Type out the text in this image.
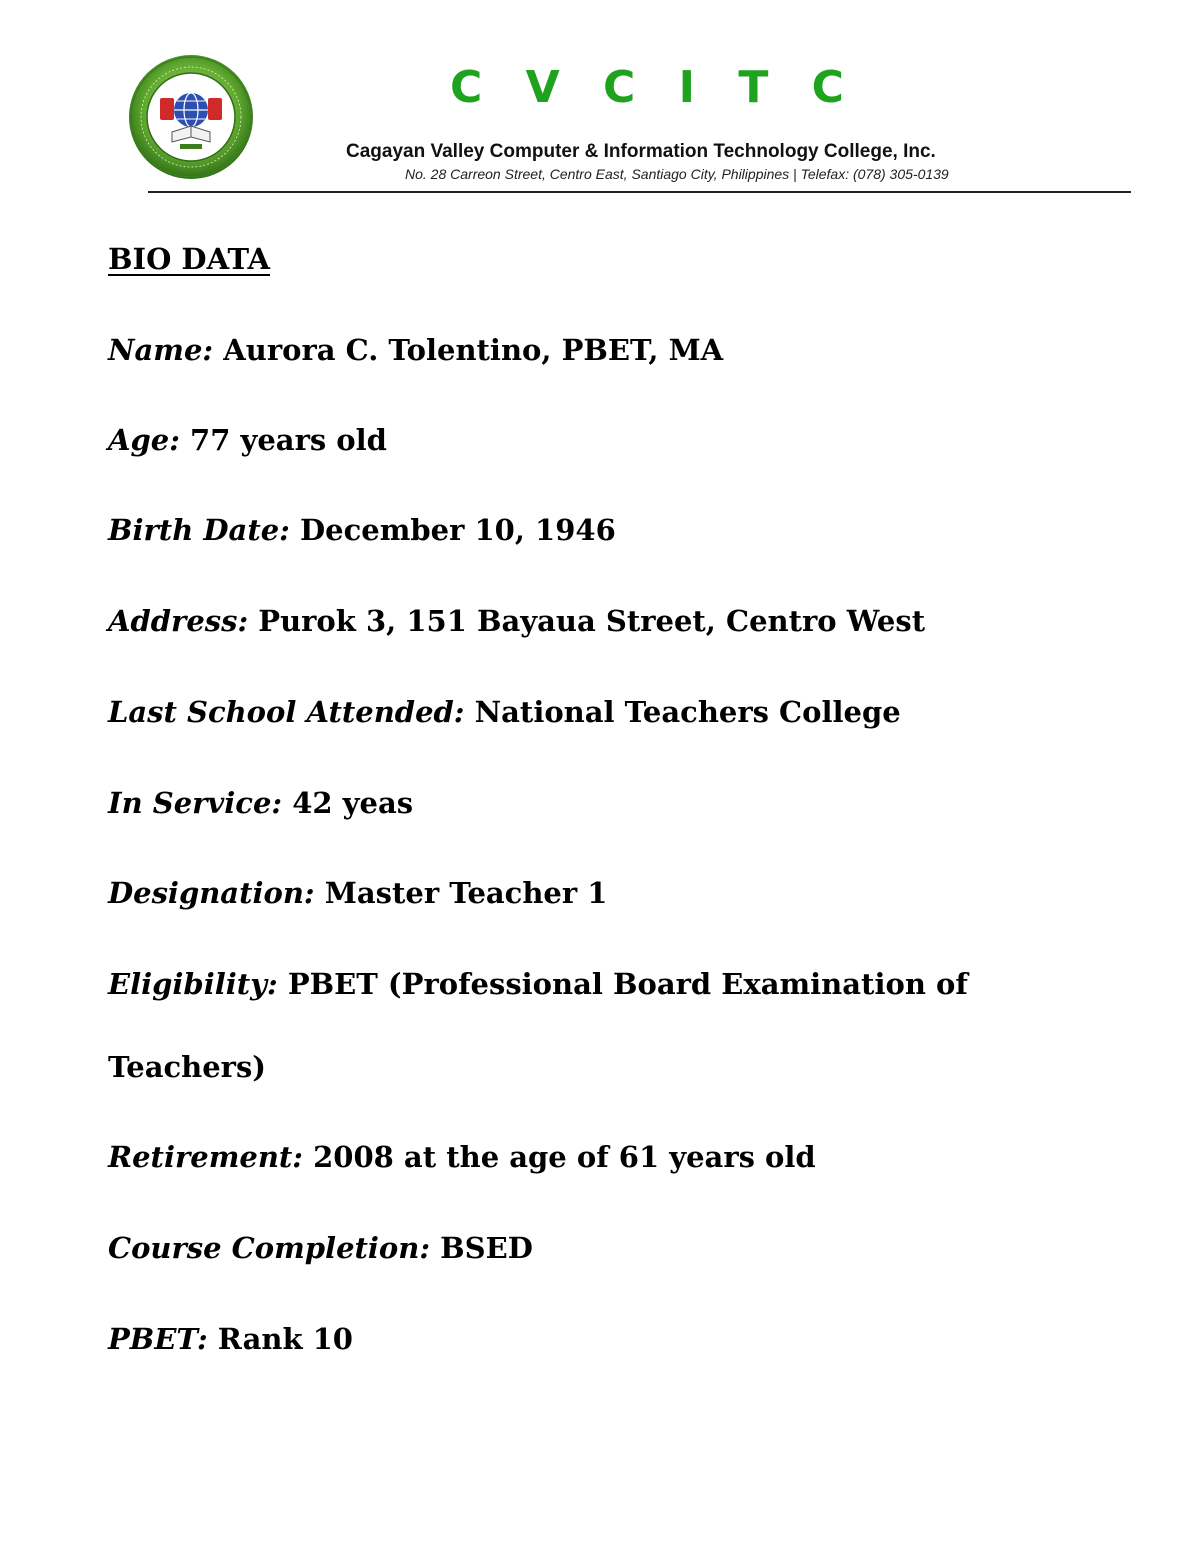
C V C I T C
Cagayan Valley Computer & Information Technology College, Inc.
No. 28 Carreon Street, Centro East, Santiago City, Philippines | Telefax: (078) 305-0139
BIO DATA
Name: Aurora C. Tolentino, PBET, MA
Age: 77 years old
Birth Date: December 10, 1946
Address: Purok 3, 151 Bayaua Street, Centro West
Last School Attended: National Teachers College
In Service: 42 yeas
Designation: Master Teacher 1
Eligibility: PBET (Professional Board Examination of
Teachers)
Retirement: 2008 at the age of 61 years old
Course Completion: BSED
PBET: Rank 10
